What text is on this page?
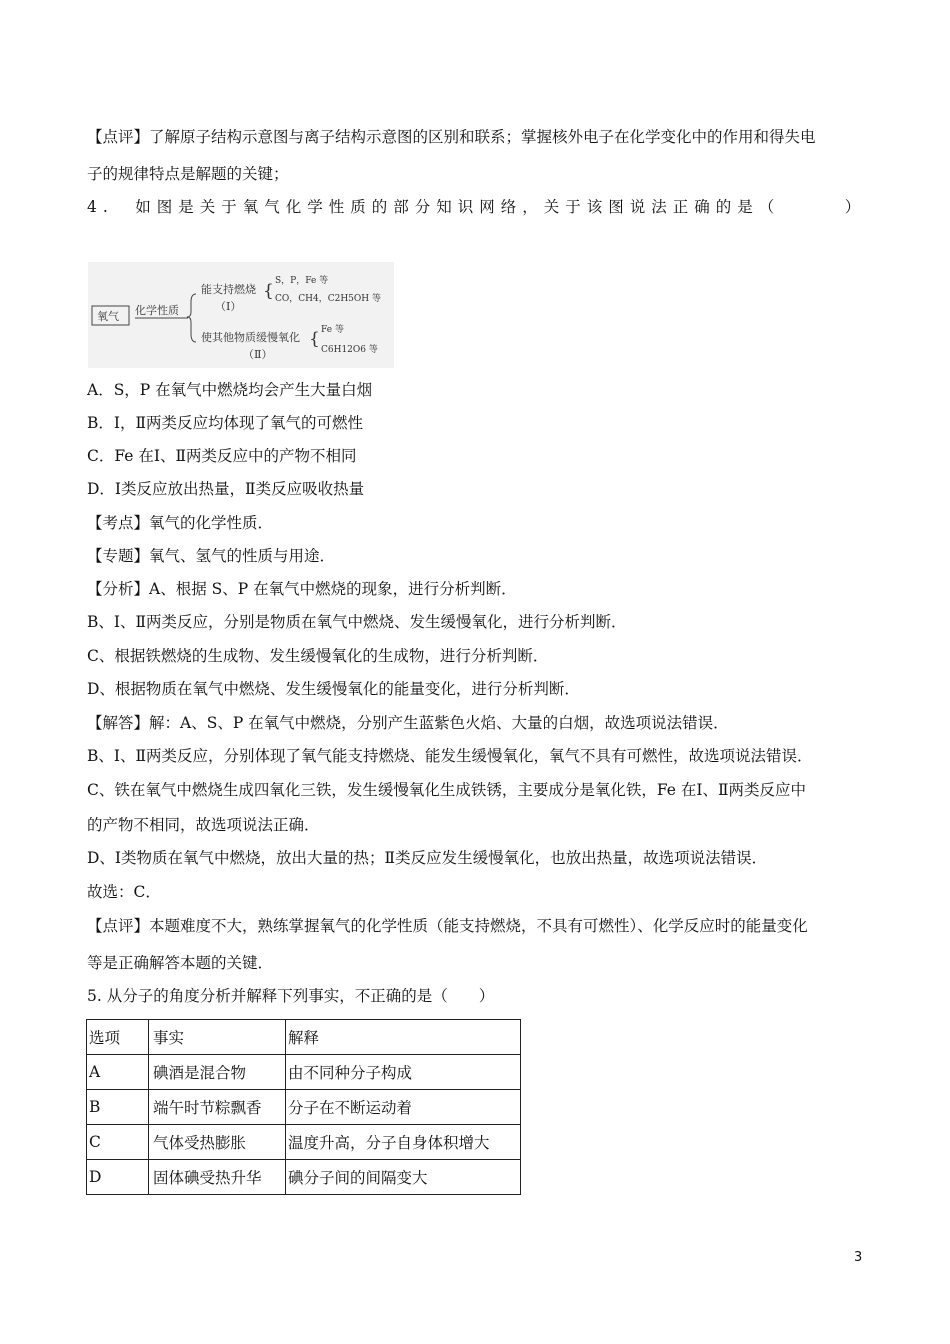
【点评】了解原子结构示意图与离子结构示意图的区别和联系；掌握核外电子在化学变化中的作用和得失电
子的规律特点是解题的关键；
4.　如图是关于氧气化学性质的部分知识网络，关于该图说法正确的是（　　　）
氧气 化学性质
能支持燃烧
（Ⅰ）
{ S，P，Fe 等
CO，CH4，C2H5OH 等
使其他物质缓慢氧化
（Ⅱ）
{ Fe 等
C6H12O6 等
A．S，P 在氧气中燃烧均会产生大量白烟
B．Ⅰ，Ⅱ两类反应均体现了氧气的可燃性
C．Fe 在Ⅰ、Ⅱ两类反应中的产物不相同
D．Ⅰ类反应放出热量，Ⅱ类反应吸收热量
【考点】氧气的化学性质．
【专题】氧气、氢气的性质与用途．
【分析】A、根据 S、P 在氧气中燃烧的现象，进行分析判断．
B、Ⅰ、Ⅱ两类反应，分别是物质在氧气中燃烧、发生缓慢氧化，进行分析判断．
C、根据铁燃烧的生成物、发生缓慢氧化的生成物，进行分析判断．
D、根据物质在氧气中燃烧、发生缓慢氧化的能量变化，进行分析判断．
【解答】解：A、S、P 在氧气中燃烧，分别产生蓝紫色火焰、大量的白烟，故选项说法错误．
B、Ⅰ、Ⅱ两类反应，分别体现了氧气能支持燃烧、能发生缓慢氧化，氧气不具有可燃性，故选项说法错误．
C、铁在氧气中燃烧生成四氧化三铁，发生缓慢氧化生成铁锈，主要成分是氧化铁，Fe 在Ⅰ、Ⅱ两类反应中
的产物不相同，故选项说法正确．
D、Ⅰ类物质在氧气中燃烧，放出大量的热；Ⅱ类反应发生缓慢氧化，也放出热量，故选项说法错误．
故选：C．
【点评】本题难度不大，熟练掌握氧气的化学性质（能支持燃烧，不具有可燃性）、化学反应时的能量变化
等是正确解答本题的关键．
5. 从分子的角度分析并解释下列事实，不正确的是（　　）
选项	事实	解释
A	碘酒是混合物	由不同种分子构成
B	端午时节粽飘香	分子在不断运动着
C	气体受热膨胀	温度升高，分子自身体积增大
D	固体碘受热升华	碘分子间的间隔变大
3
